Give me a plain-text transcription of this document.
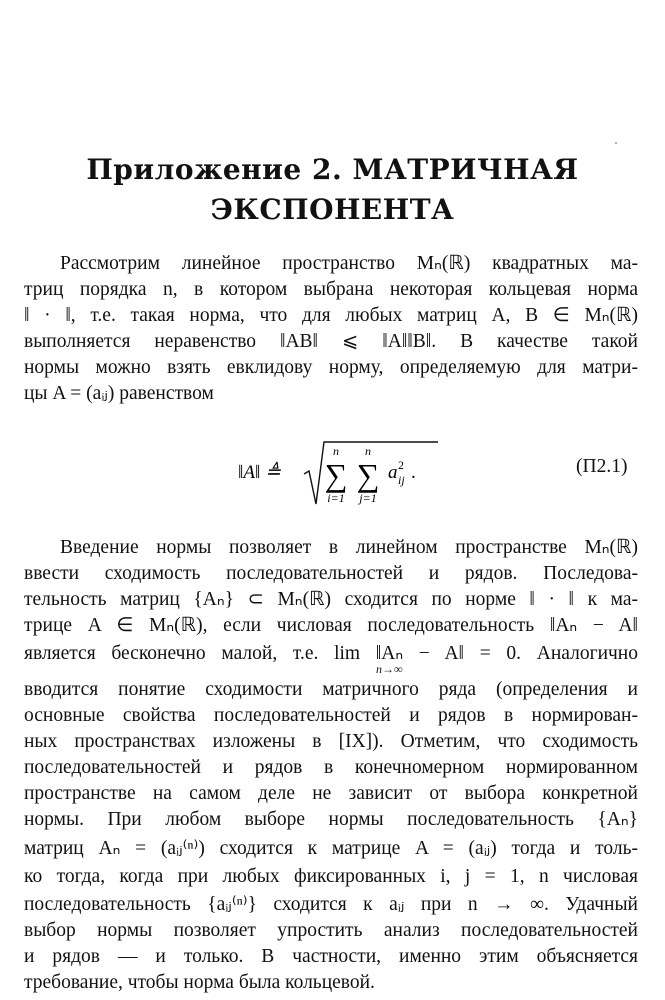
Приложение 2. МАТРИЧНАЯ
ЭКСПОНЕНТА
Рассмотрим линейное пространство Mₙ(ℝ) квадратных ма-
триц порядка n, в котором выбрана некоторая кольцевая норма
‖ · ‖, т.е. такая норма, что для любых матриц A, B ∈ Mₙ(ℝ)
выполняется неравенство ‖AB‖ ⩽ ‖A‖‖B‖. В качестве такой
нормы можно взять евклидову норму, определяемую для матри-
цы A = (aᵢⱼ) равенством
‖A‖ ≜
n
∑
i=1
n
∑
j=1
a 2
ij .	(П2.1)
Введение нормы позволяет в линейном пространстве Mₙ(ℝ)
ввести сходимость последовательностей и рядов. Последова-
тельность матриц {Aₙ} ⊂ Mₙ(ℝ) сходится по норме ‖ · ‖ к ма-
трице A ∈ Mₙ(ℝ), если числовая последовательность ‖Aₙ − A‖
является бесконечно малой, т.е. lim ‖Aₙ − A‖ = 0. Аналогично
n→∞
вводится понятие сходимости матричного ряда (определения и
основные свойства последовательностей и рядов в нормирован-
ных пространствах изложены в [IX]). Отметим, что сходимость
последовательностей и рядов в конечномерном нормированном
пространстве на самом деле не зависит от выбора конкретной
нормы. При любом выборе нормы последовательность {Aₙ}
матриц Aₙ = (aᵢⱼ⁽ⁿ⁾) сходится к матрице A = (aᵢⱼ) тогда и толь-
ко тогда, когда при любых фиксированных i, j = 1, n числовая
последовательность {aᵢⱼ⁽ⁿ⁾} сходится к aᵢⱼ при n → ∞. Удачный
выбор нормы позволяет упростить анализ последовательностей
и рядов — и только. В частности, именно этим объясняется
требование, чтобы норма была кольцевой.
